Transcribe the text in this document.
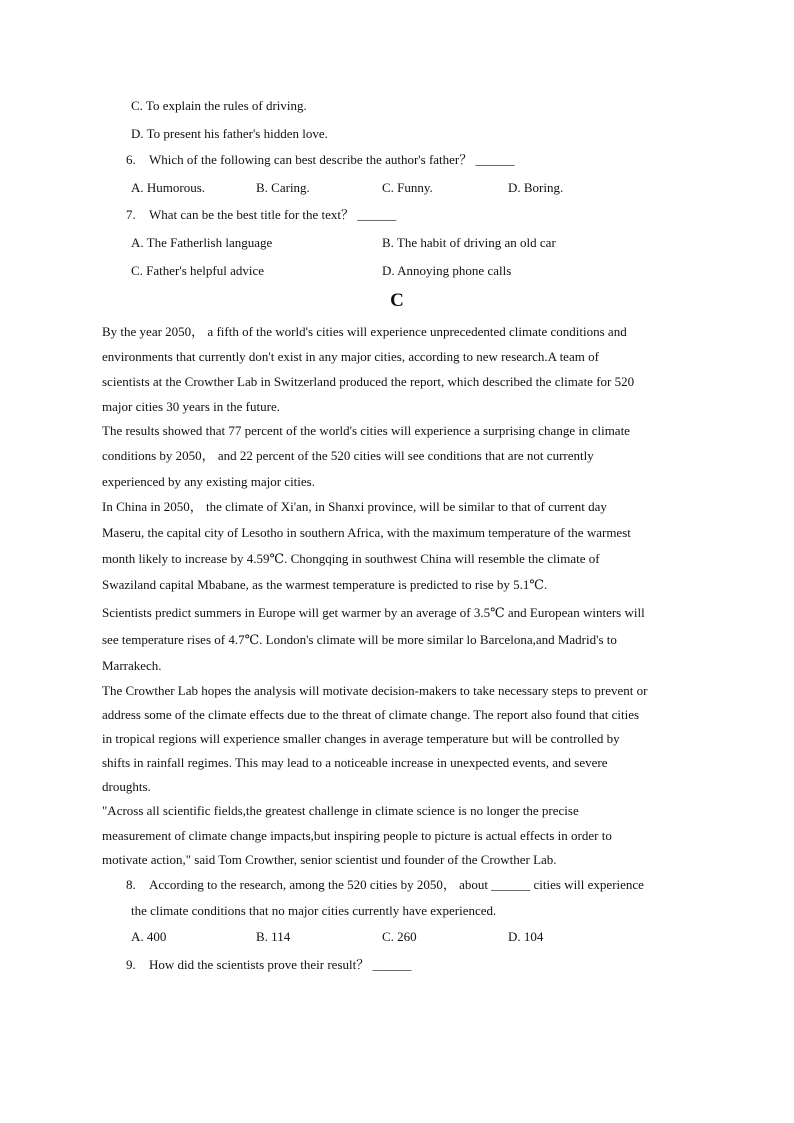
C. To explain the rules of driving.
D. To present his father's hidden love.
6. Which of the following can best describe the author's father？ ______
A. Humorous.	B. Caring.	C. Funny.	D. Boring.
7. What can be the best title for the text？ ______
A. The Fatherlish language	B. The habit of driving an old car
C. Father's helpful advice	D. Annoying phone calls
C
By the year 2050， a fifth of the world's cities will experience unprecedented climate conditions and
environments that currently don't exist in any major cities, according to new research.A team of
scientists at the Crowther Lab in Switzerland produced the report, which described the climate for 520
major cities 30 years in the future.
The results showed that 77 percent of the world's cities will experience a surprising change in climate
conditions by 2050， and 22 percent of the 520 cities will see conditions that are not currently
experienced by any existing major cities.
In China in 2050， the climate of Xi'an, in Shanxi province, will be similar to that of current day
Maseru, the capital city of Lesotho in southern Africa, with the maximum temperature of the warmest
month likely to increase by 4.59℃. Chongqing in southwest China will resemble the climate of
Swaziland capital Mbabane, as the warmest temperature is predicted to rise by 5.1℃.
Scientists predict summers in Europe will get warmer by an average of 3.5℃ and European winters will
see temperature rises of 4.7℃. London's climate will be more similar lo Barcelona,and Madrid's to
Marrakech.
The Crowther Lab hopes the analysis will motivate decision-makers to take necessary steps to prevent or
address some of the climate effects due to the threat of climate change. The report also found that cities
in tropical regions will experience smaller changes in average temperature but will be controlled by
shifts in rainfall regimes. This may lead to a noticeable increase in unexpected events, and severe
droughts.
"Across all scientific fields,the greatest challenge in climate science is no longer the precise
measurement of climate change impacts,but inspiring people to picture is actual effects in order to
motivate action," said Tom Crowther, senior scientist und founder of the Crowther Lab.
8. According to the research, among the 520 cities by 2050， about ______ cities will experience
the climate conditions that no major cities currently have experienced.
A. 400	B. 114	C. 260	D. 104
9. How did the scientists prove their result？ ______
